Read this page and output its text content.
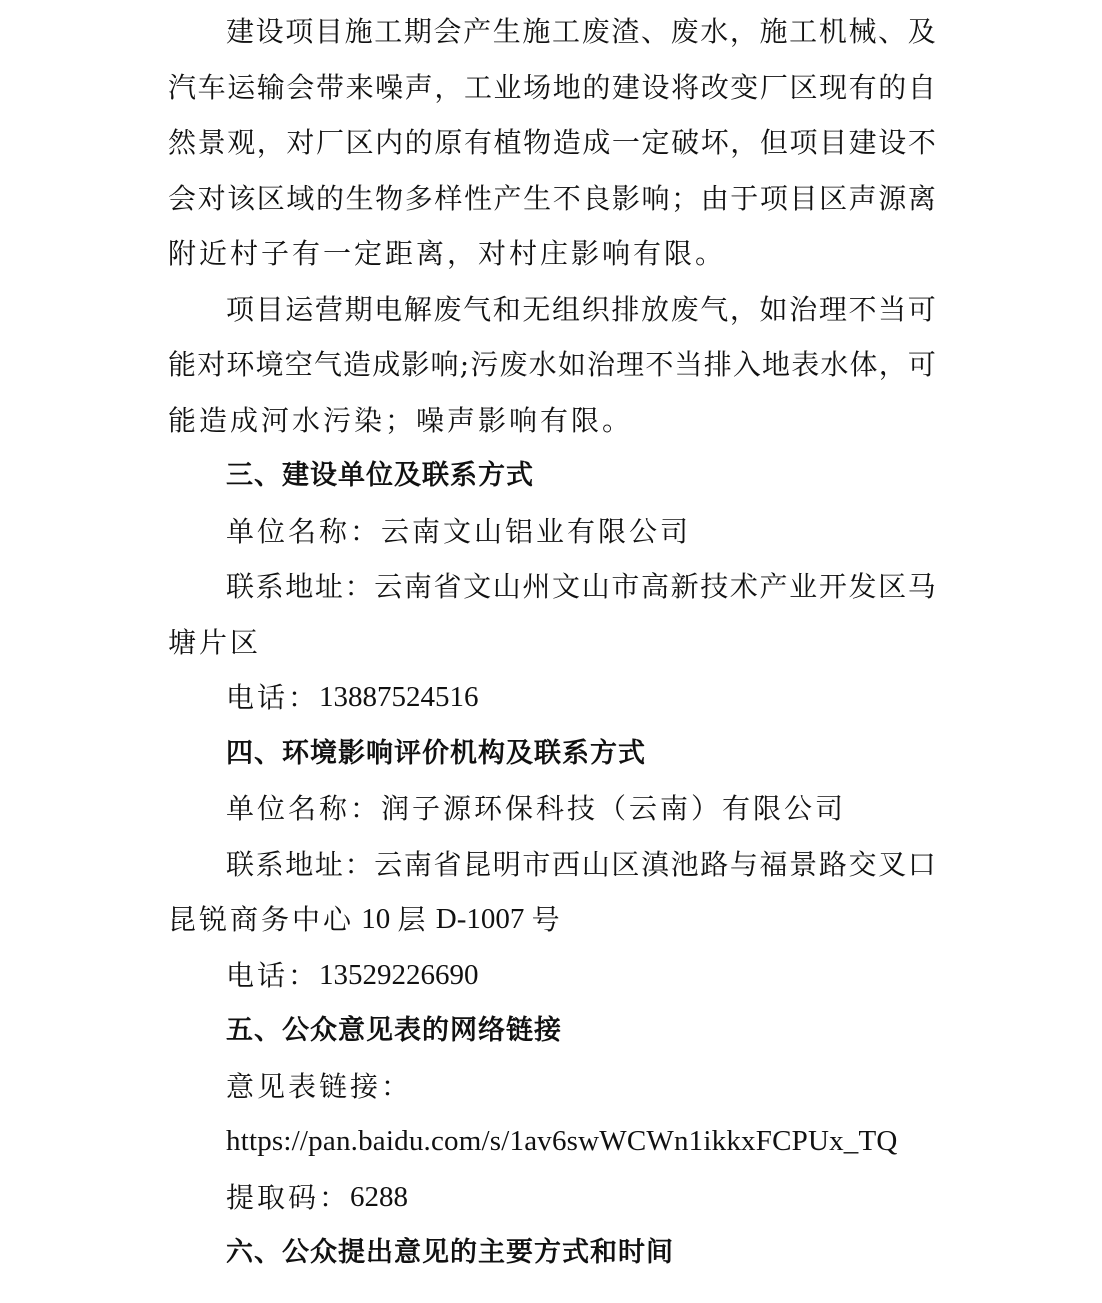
建 设 项 目 施 工 期 会 产 生 施 工 废 渣 、 废 水 ， 施 工 机 械 、 及
汽 车 运 输 会 带 来 噪 声 ， 工 业 场 地 的 建 设 将 改 变 厂 区 现 有 的 自
然 景 观 ， 对 厂 区 内 的 原 有 植 物 造 成 一 定 破 坏 ， 但 项 目 建 设 不
会 对 该 区 域 的 生 物 多 样 性 产 生 不 良 影 响 ； 由 于 项 目 区 声 源 离
附近村子有一定距离，对村庄影响有限。
项 目 运 营 期 电 解 废 气 和 无 组 织 排 放 废 气 ， 如 治 理 不 当 可
能 对 环 境 空 气 造 成 影 响 ; 污 废 水 如 治 理 不 当 排 入 地 表 水 体 ， 可
能造成河水污染；噪声影响有限。
三、建设单位及联系方式
单位名称：云南文山铝业有限公司
联 系 地 址 ： 云 南 省 文 山 州 文 山 市 高 新 技 术 产 业 开 发 区 马
塘片区
电话： 13887524516
四、环境影响评价机构及联系方式
单位名称：润子源环保科技（云南）有限公司
联 系 地 址 ： 云 南 省 昆 明 市 西 山 区 滇 池 路 与 福 景 路 交 叉 口
昆锐商务中心 10 层 D-1007 号
电话： 13529226690
五、公众意见表的网络链接
意见表链接：
https://pan.baidu.com/s/1av6swWCWn1ikkxFCPUx_TQ
提取码： 6288
六、公众提出意见的主要方式和时间
